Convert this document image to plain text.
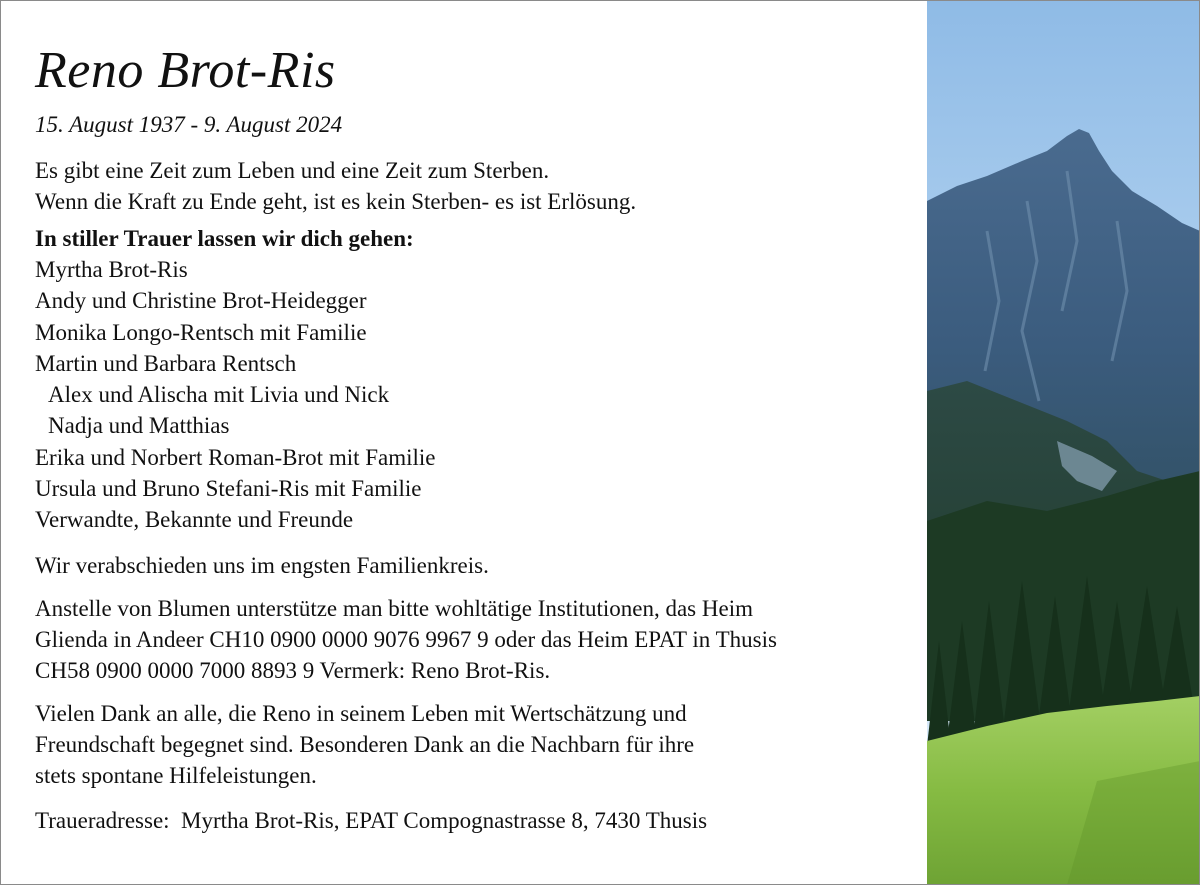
Reno Brot-Ris
15. August 1937 - 9. August 2024
Es gibt eine Zeit zum Leben und eine Zeit zum Sterben.
Wenn die Kraft zu Ende geht, ist es kein Sterben- es ist Erlösung.
In stiller Trauer lassen wir dich gehen:
Myrtha Brot-Ris
Andy und Christine Brot-Heidegger
Monika Longo-Rentsch mit Familie
Martin und Barbara Rentsch
Alex und Alischa mit Livia und Nick
Nadja und Matthias
Erika und Norbert Roman-Brot mit Familie
Ursula und Bruno Stefani-Ris mit Familie
Verwandte, Bekannte und Freunde
Wir verabschieden uns im engsten Familienkreis.
Anstelle von Blumen unterstütze man bitte wohltätige Institutionen, das Heim
Glienda in Andeer CH10 0900 0000 9076 9967 9 oder das Heim EPAT in Thusis
CH58 0900 0000 7000 8893 9 Vermerk: Reno Brot-Ris.
Vielen Dank an alle, die Reno in seinem Leben mit Wertschätzung und
Freundschaft begegnet sind. Besonderen Dank an die Nachbarn für ihre
stets spontane Hilfeleistungen.
Traueradresse:  Myrtha Brot-Ris, EPAT Compognastrasse 8, 7430 Thusis
